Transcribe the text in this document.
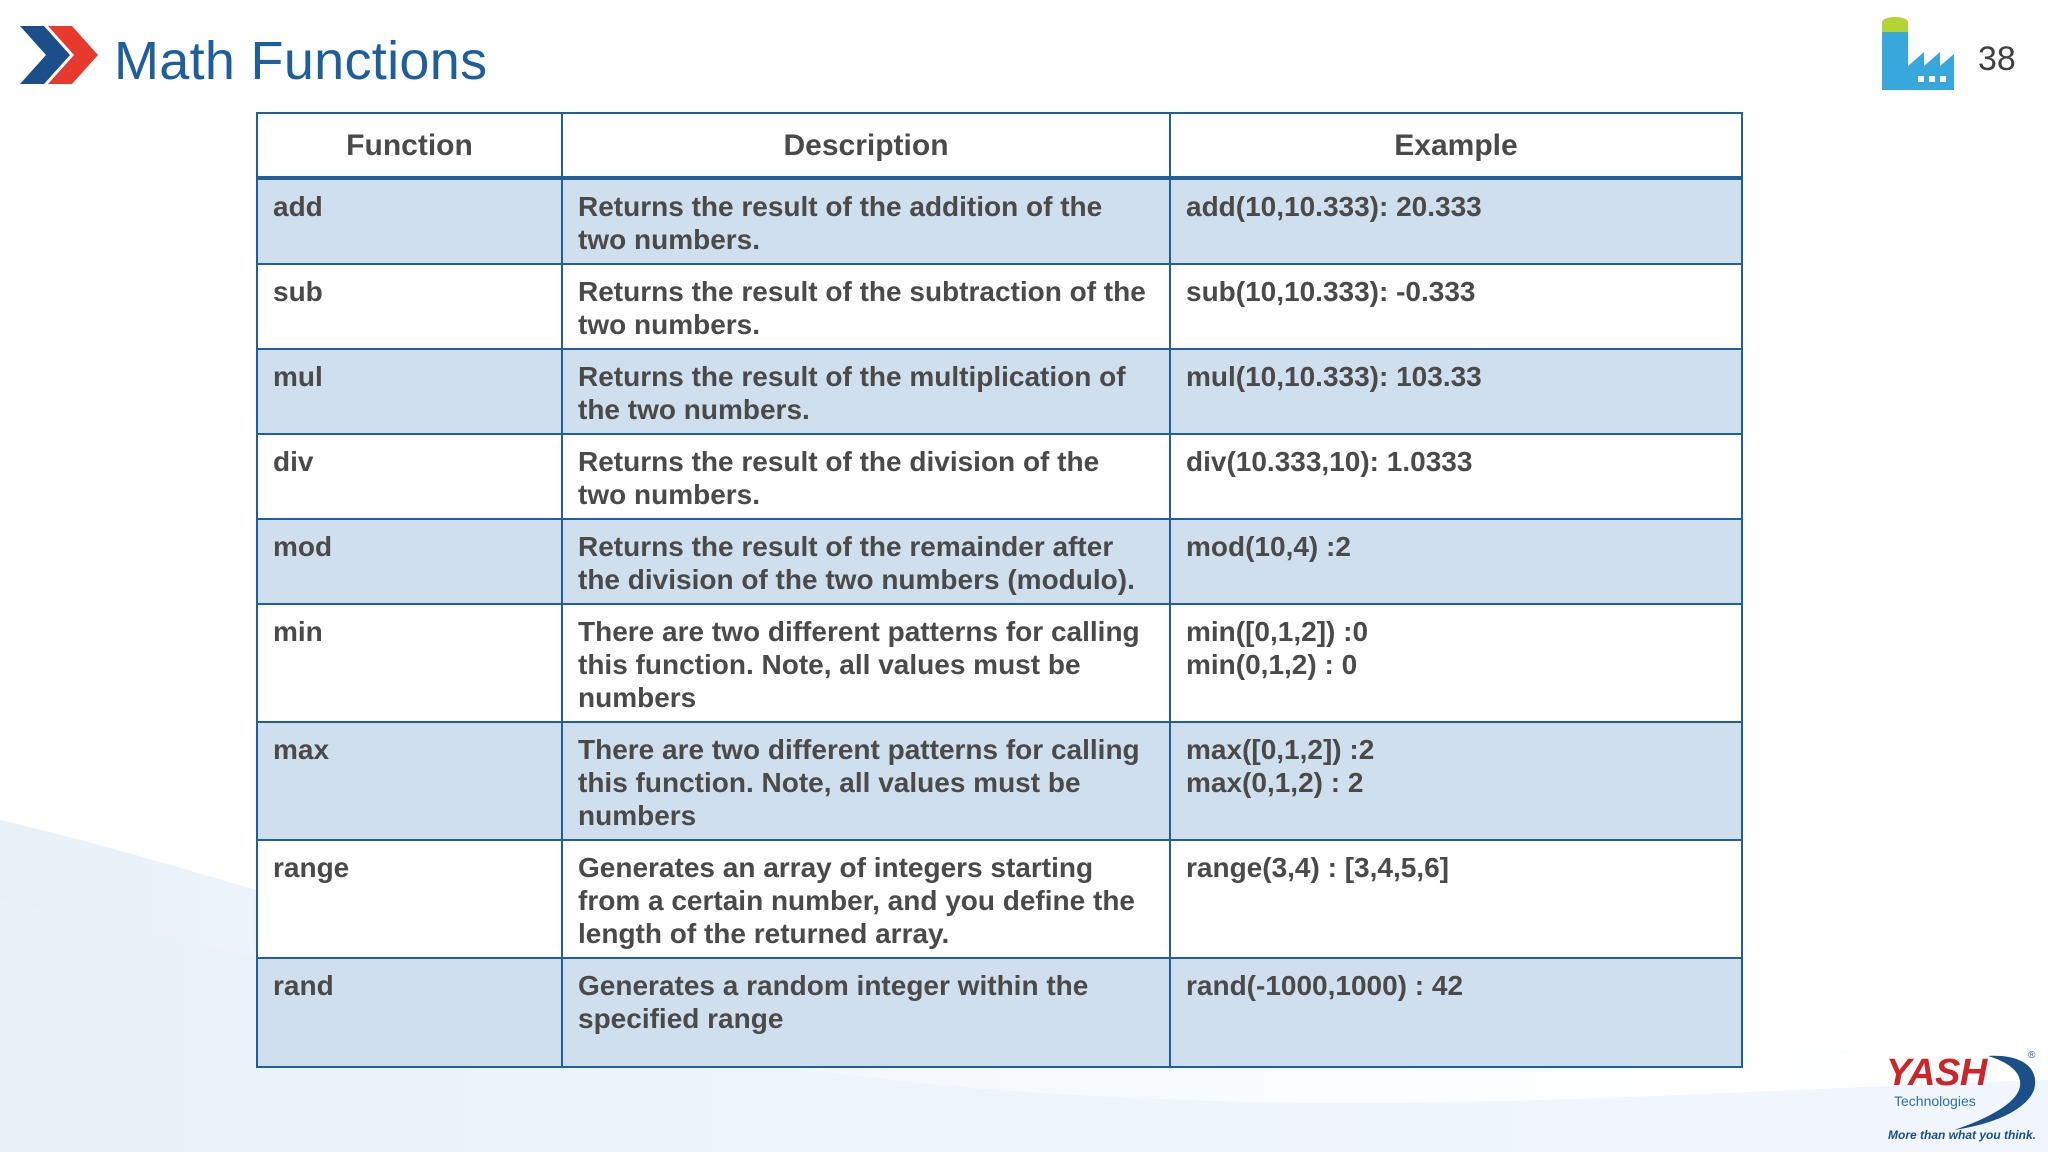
Math Functions	38
Function	Description	Example
add	Returns the result of the addition of the two numbers.	add(10,10.333): 20.333
sub	Returns the result of the subtraction of the two numbers.	sub(10,10.333): -0.333
mul	Returns the result of the multiplication of the two numbers.	mul(10,10.333): 103.33
div	Returns the result of the division of the two numbers.	div(10.333,10): 1.0333
mod	Returns the result of the remainder after the division of the two numbers (modulo).	mod(10,4) :2
min	There are two different patterns for calling this function. Note, all values must be numbers	min([0,1,2]) :0
min(0,1,2) : 0

max	There are two different patterns for calling this function. Note, all values must be numbers	max([0,1,2]) :2
max(0,1,2) : 2

range	Generates an array of integers starting from a certain number, and you define the length of the returned array.	range(3,4) : [3,4,5,6]
rand	Generates a random integer within the specified range	rand(-1000,1000) : 42
YASH	®
Technologies
More than what you think.
